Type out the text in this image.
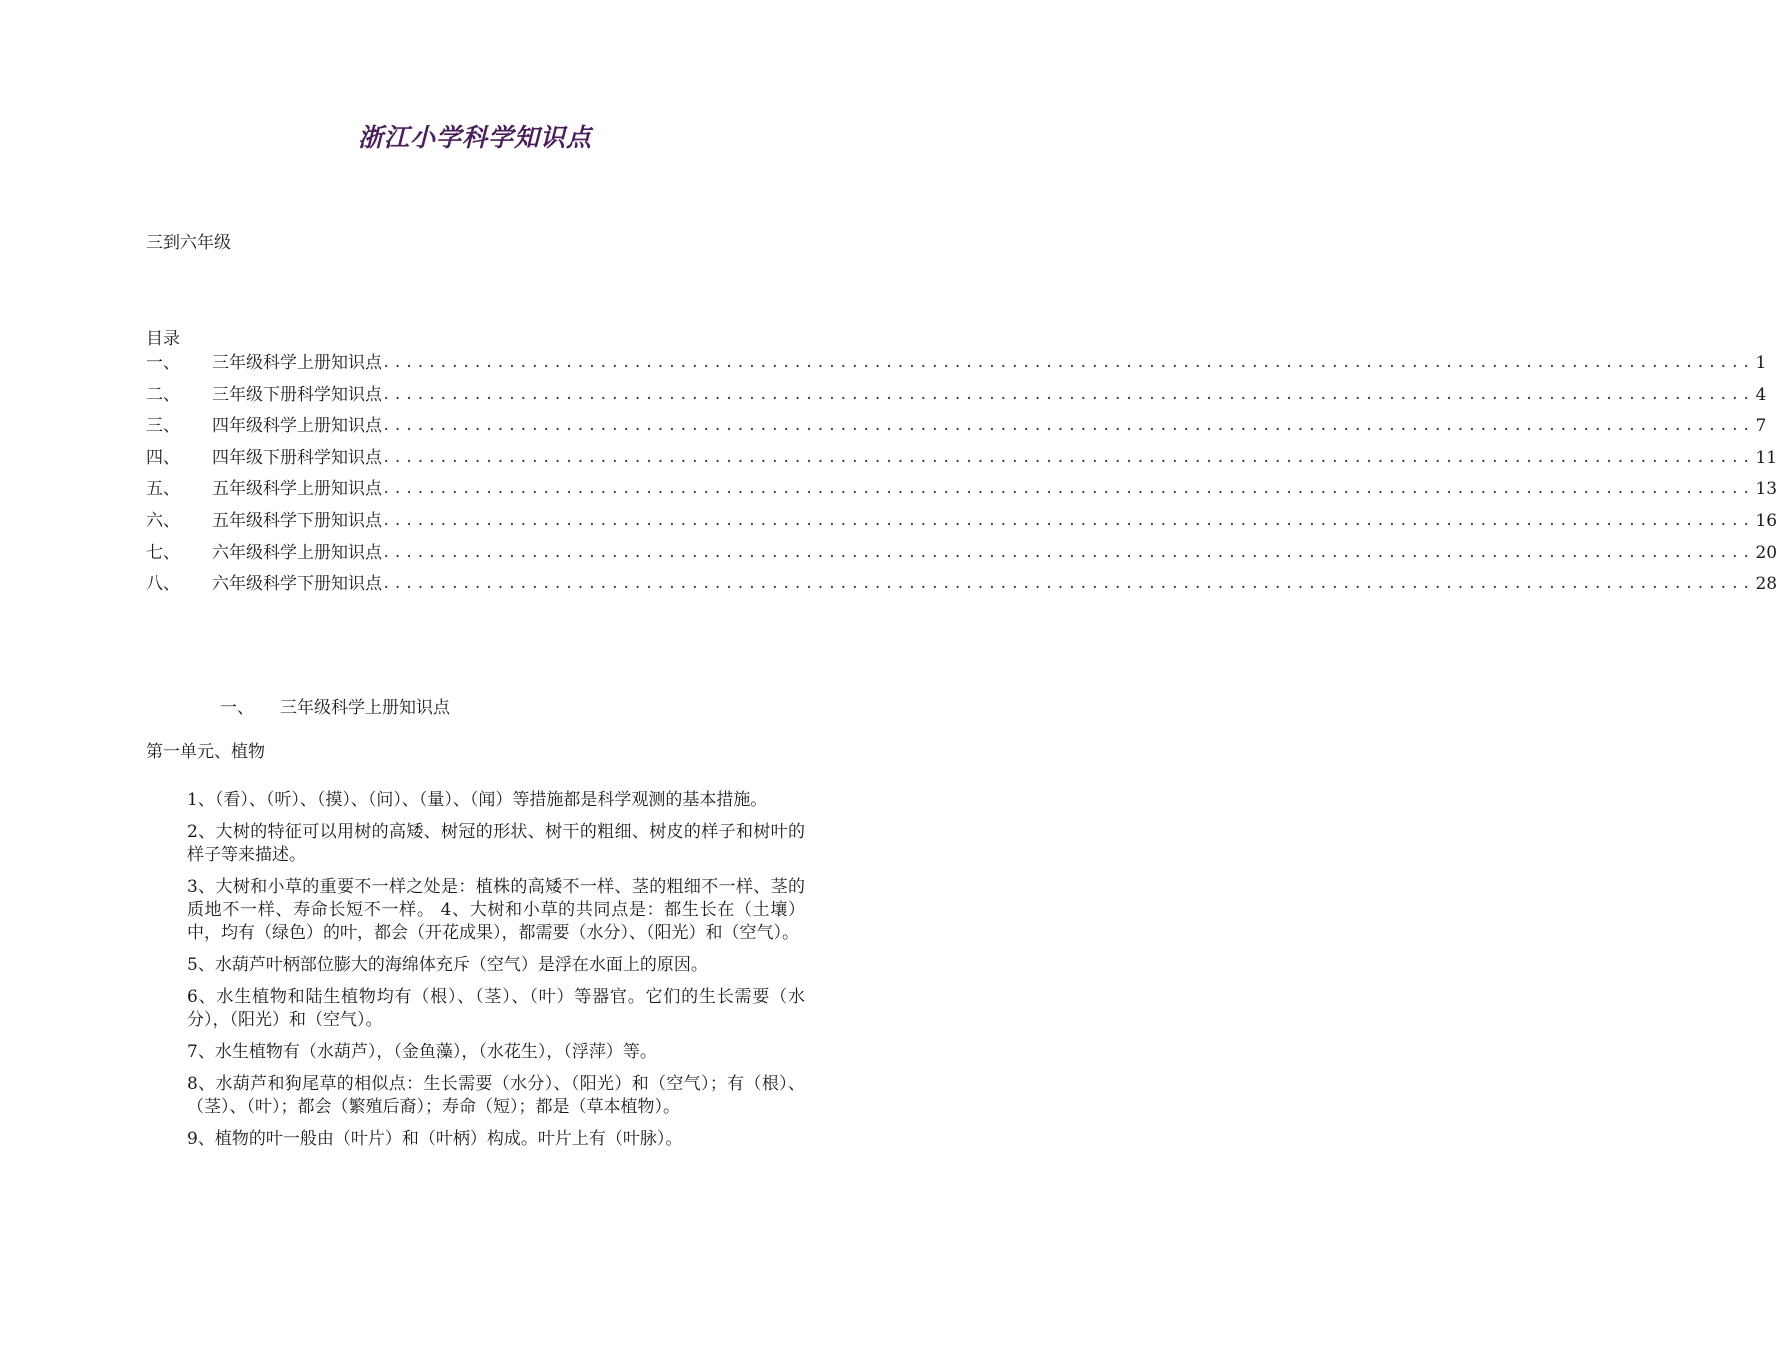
浙江小学科学知识点
三到六年级
目录
一、	三年级科学上册知识点 ........................................................................................................................ 1
二、	三年级下册科学知识点 ........................................................................................................................ 4
三、	四年级科学上册知识点 ........................................................................................................................ 7
四、	四年级下册科学知识点 ........................................................................................................................ 11
五、	五年级科学上册知识点 ........................................................................................................................ 13
六、	五年级科学下册知识点 ........................................................................................................................ 16
七、	六年级科学上册知识点 ........................................................................................................................ 20
八、	六年级科学下册知识点 ........................................................................................................................ 28
一、 三年级科学上册知识点
第一单元、植物

1、（看）、（听）、（摸）、（问）、（量）、（闻）等措施都是科学观测的基本措施。

2、大树的特征可以用树的高矮、树冠的形状、树干的粗细、树皮的样子和树叶的样子等来描述。

3、大树和小草的重要不一样之处是：植株的高矮不一样、茎的粗细不一样、茎的质地不一样、寿命长短不一样。 4、大树和小草的共同点是：都生长在（土壤）中，均有（绿色）的叶，都会（开花成果），都需要（水分）、（阳光）和（空气）。

5、水葫芦叶柄部位膨大的海绵体充斥（空气）是浮在水面上的原因。

6、水生植物和陆生植物均有（根）、（茎）、（叶）等器官。它们的生长需要（水分），（阳光）和（空气）。

7、水生植物有（水葫芦），（金鱼藻），（水花生），（浮萍）等。

8、水葫芦和狗尾草的相似点：生长需要（水分）、（阳光）和（空气）；有（根）、（茎）、（叶）；都会（繁殖后裔）；寿命（短）；都是（草本植物）。

9、植物的叶一般由（叶片）和（叶柄）构成。叶片上有（叶脉）。
